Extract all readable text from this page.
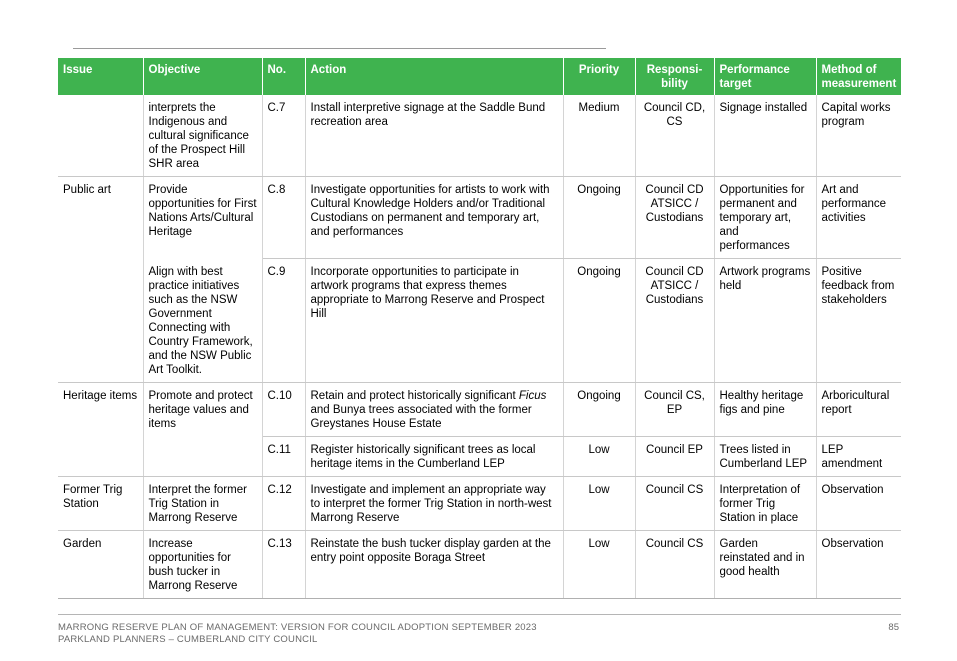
Issue	Objective	No.	Action	Priority	Responsi-bility	Performance target	Method of measurement
	interprets the Indigenous and cultural significance of the Prospect Hill SHR area	C.7	Install interpretive signage at the Saddle Bund recreation area	Medium	Council CD, CS	Signage installed	Capital works program
Public art	Provide opportunities for First Nations Arts/Cultural Heritage	C.8	Investigate opportunities for artists to work with Cultural Knowledge Holders and/or Traditional Custodians on permanent and temporary art, and performances	Ongoing	Council CD ATSICC / Custodians	Opportunities for permanent and temporary art, and performances	Art and performance activities
	Align with best practice initiatives such as the NSW Government Connecting with Country Framework, and the NSW Public Art Toolkit.	C.9	Incorporate opportunities to participate in artwork programs that express themes appropriate to Marrong Reserve and Prospect Hill	Ongoing	Council CD ATSICC / Custodians	Artwork programs held	Positive feedback from stakeholders
Heritage items	Promote and protect heritage values and items	C.10	Retain and protect historically significant Ficus and Bunya trees associated with the former Greystanes House Estate	Ongoing	Council CS, EP	Healthy heritage figs and pine	Arboricultural report
		C.11	Register historically significant trees as local heritage items in the Cumberland LEP	Low	Council EP	Trees listed in Cumberland LEP	LEP amendment
Former Trig Station	Interpret the former Trig Station in Marrong Reserve	C.12	Investigate and implement an appropriate way to interpret the former Trig Station in north-west Marrong Reserve	Low	Council CS	Interpretation of former Trig Station in place	Observation
Garden	Increase opportunities for bush tucker in Marrong Reserve	C.13	Reinstate the bush tucker display garden at the entry point opposite Boraga Street	Low	Council CS	Garden reinstated and in good health	Observation
MARRONG RESERVE PLAN OF MANAGEMENT: VERSION FOR COUNCIL ADOPTION SEPTEMBER 2023
PARKLAND PLANNERS – CUMBERLAND CITY COUNCIL
85
